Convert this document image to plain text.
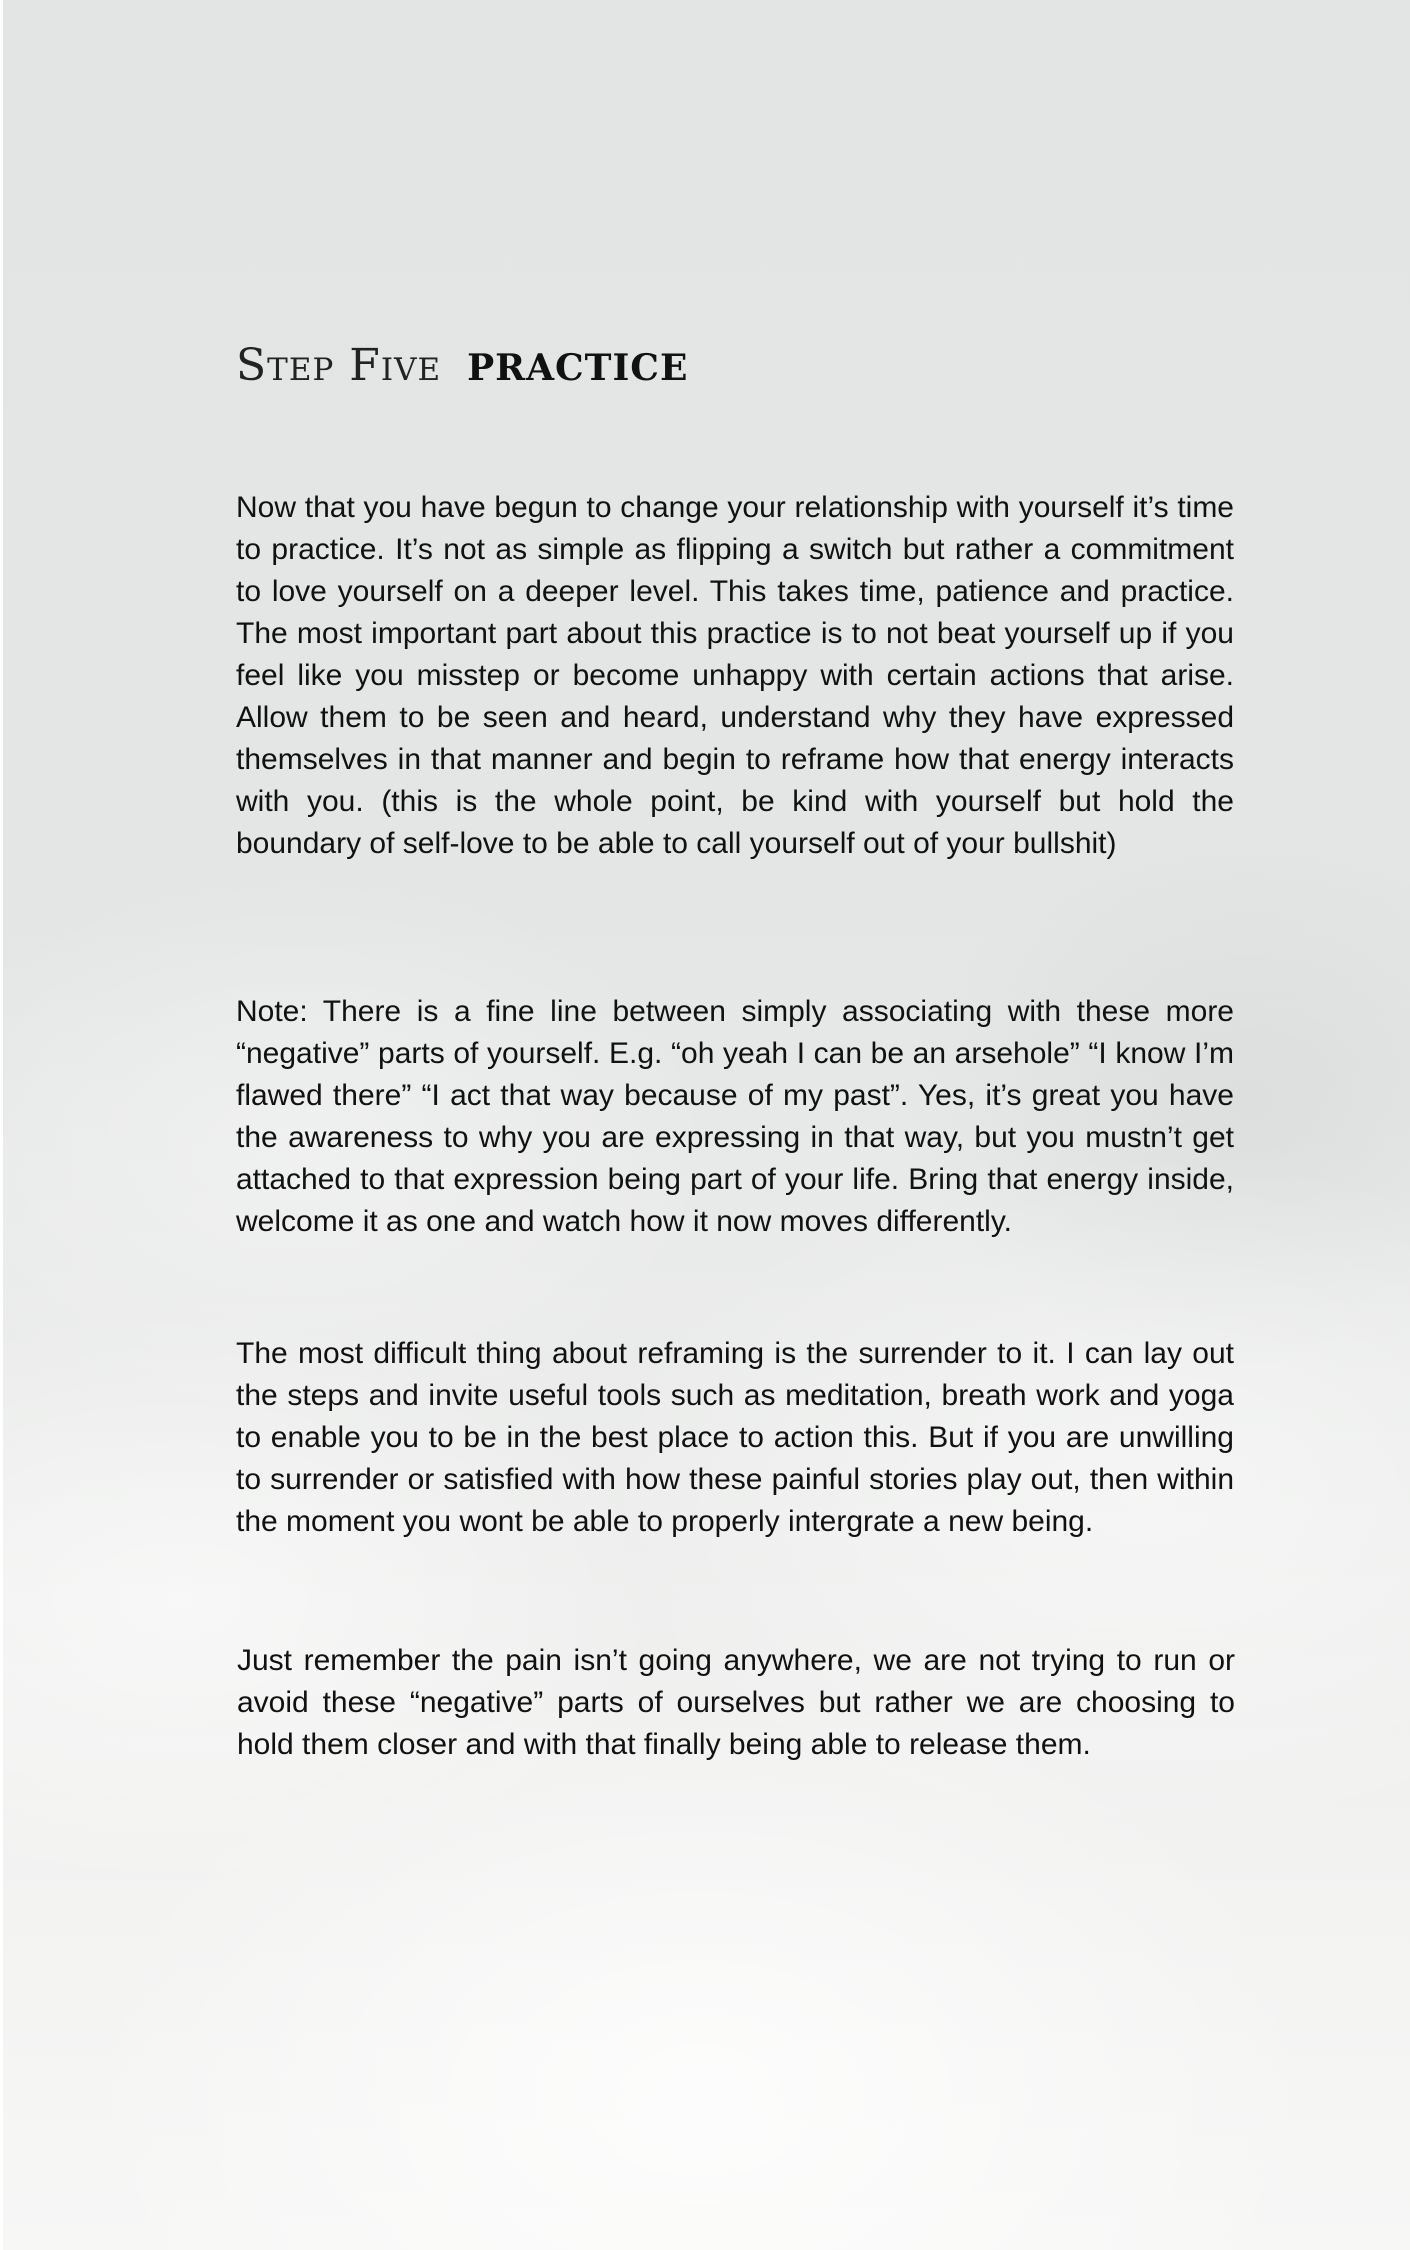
Step Five PRACTICE

Now that you have begun to change your relationship with yourself it’s time to practice. It’s not as simple as flipping a switch but rather a commitment to love yourself on a deeper level. This takes time, patience and practice. The most important part about this practice is to not beat yourself up if you feel like you misstep or become unhappy with certain actions that arise. Allow them to be seen and heard, understand why they have expressed themselves in that manner and begin to reframe how that energy interacts with you. (this is the whole point, be kind with yourself but hold the boundary of self-love to be able to call yourself out of your bullshit)

Note: There is a fine line between simply associating with these more “negative” parts of yourself. E.g. “oh yeah I can be an arsehole” “I know I’m flawed there” “I act that way because of my past”. Yes, it’s great you have the awareness to why you are expressing in that way, but you mustn’t get attached to that expression being part of your life. Bring that energy inside, welcome it as one and watch how it now moves differently.

The most difficult thing about reframing is the surrender to it. I can lay out the steps and invite useful tools such as meditation, breath work and yoga to enable you to be in the best place to action this. But if you are unwilling to surrender or satisfied with how these painful stories play out, then within the moment you wont be able to properly intergrate a new being.

Just remember the pain isn’t going anywhere, we are not trying to run or avoid these “negative” parts of ourselves but rather we are choosing to hold them closer and with that finally being able to release them.
